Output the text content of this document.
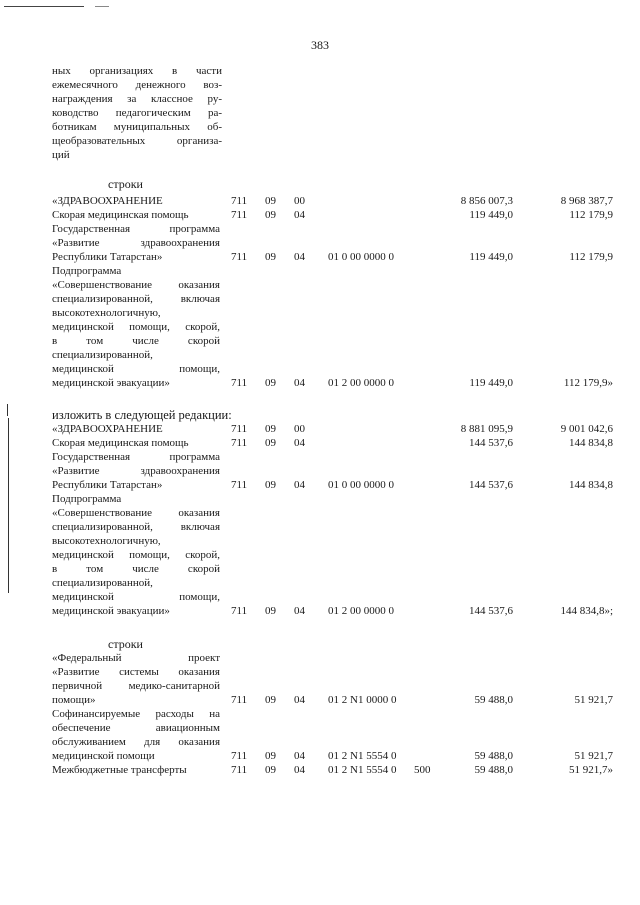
383
ных организациях в части
ежемесячного денежного воз-
награждения за классное ру-
ководство педагогическим ра-
ботникам муниципальных об-
щеобразовательных организа-
ций
строки
«ЗДРАВООХРАНЕНИЕ	711 09 00	8 856 007,3	8 968 387,7
Скорая медицинская помощь	711 09 04	119 449,0	112 179,9
Государственная программа
«Развитие здравоохранения
Республики Татарстан»	711 09 04 01 0 00 0000 0	119 449,0	112 179,9
Подпрограмма
«Совершенствование оказания
специализированной, включая
высокотехнологичную,
медицинской помощи, скорой,
в том числе скорой
специализированной,
медицинской помощи,
медицинской эвакуации»	711 09 04 01 2 00 0000 0	119 449,0	112 179,9»
изложить в следующей редакции:
«ЗДРАВООХРАНЕНИЕ	711 09 00	8 881 095,9	9 001 042,6
Скорая медицинская помощь	711 09 04	144 537,6	144 834,8
Государственная программа
«Развитие здравоохранения
Республики Татарстан»	711 09 04 01 0 00 0000 0	144 537,6	144 834,8
Подпрограмма
«Совершенствование оказания
специализированной, включая
высокотехнологичную,
медицинской помощи, скорой,
в том числе скорой
специализированной,
медицинской помощи,
медицинской эвакуации»	711 09 04 01 2 00 0000 0	144 537,6	144 834,8»;
строки
«Федеральный проект
«Развитие системы оказания
первичной медико-санитарной
помощи»	711 09 04 01 2 N1 0000 0	59 488,0	51 921,7
Софинансируемые расходы на
обеспечение авиационным
обслуживанием для оказания
медицинской помощи	711 09 04 01 2 N1 5554 0	59 488,0	51 921,7
Межбюджетные трансферты	711 09 04 01 2 N1 5554 0 500	59 488,0	51 921,7»
